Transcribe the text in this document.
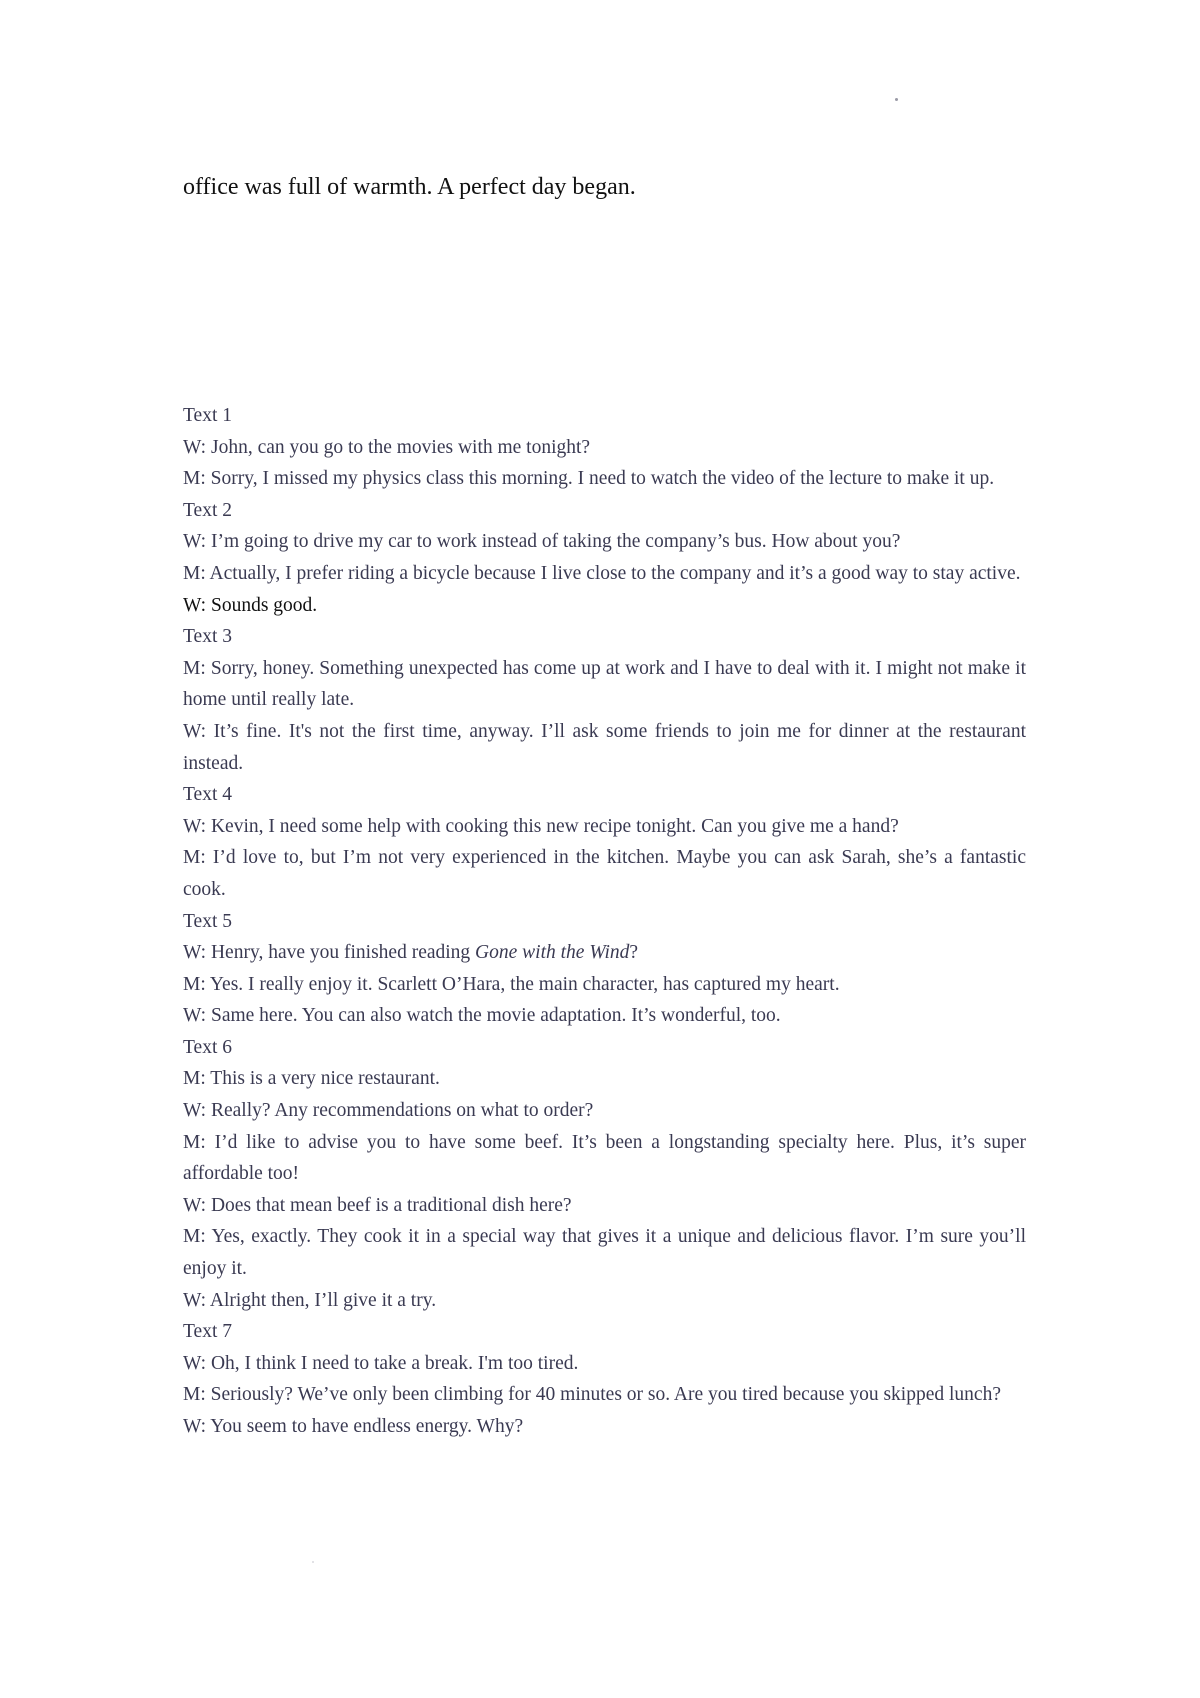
office was full of warmth. A perfect day began.

Text 1

W: John, can you go to the movies with me tonight?

M: Sorry, I missed my physics class this morning. I need to watch the video of the lecture to make it up.

Text 2

W: I’m going to drive my car to work instead of taking the company’s bus. How about you?

M: Actually, I prefer riding a bicycle because I live close to the company and it’s a good way to stay active.

W: Sounds good.

Text 3

M: Sorry, honey. Something unexpected has come up at work and I have to deal with it. I might not make it home until really late.

W: It’s fine. It's not the first time, anyway. I’ll ask some friends to join me for dinner at the restaurant instead.

Text 4

W: Kevin, I need some help with cooking this new recipe tonight. Can you give me a hand?

M: I’d love to, but I’m not very experienced in the kitchen. Maybe you can ask Sarah, she’s a fantastic cook.

Text 5

W: Henry, have you finished reading Gone with the Wind?

M: Yes. I really enjoy it. Scarlett O’Hara, the main character, has captured my heart.

W: Same here. You can also watch the movie adaptation. It’s wonderful, too.

Text 6

M: This is a very nice restaurant.

W: Really? Any recommendations on what to order?

M: I’d like to advise you to have some beef. It’s been a longstanding specialty here. Plus, it’s super affordable too!

W: Does that mean beef is a traditional dish here?

M: Yes, exactly. They cook it in a special way that gives it a unique and delicious flavor. I’m sure you’ll enjoy it.

W: Alright then, I’ll give it a try.

Text 7

W: Oh, I think I need to take a break. I'm too tired.

M: Seriously? We’ve only been climbing for 40 minutes or so. Are you tired because you skipped lunch?

W: You seem to have endless energy. Why?
